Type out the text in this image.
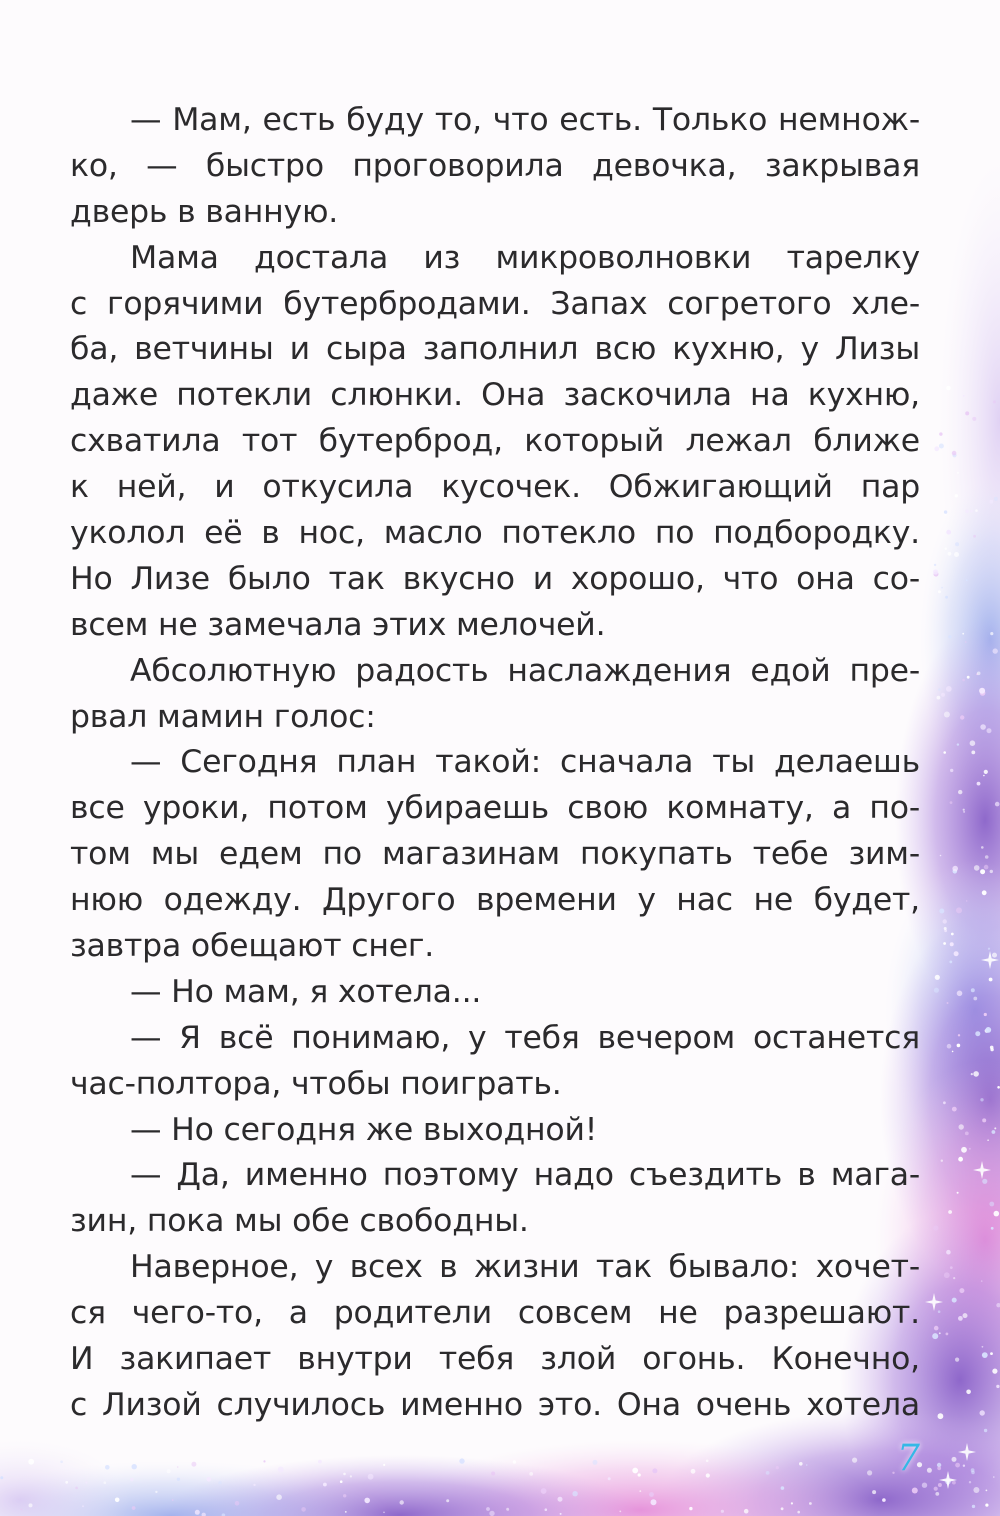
— Мам, есть буду то, что есть. Только немнож-
ко, — быстро проговорила девочка, закрывая
дверь в ванную.
Мама достала из микроволновки тарелку
с горячими бутербродами. Запах согретого хле-
ба, ветчины и сыра заполнил всю кухню, у Лизы
даже потекли слюнки. Она заскочила на кухню,
схватила тот бутерброд, который лежал ближе
к ней, и откусила кусочек. Обжигающий пар
уколол её в нос, масло потекло по подбородку.
Но Лизе было так вкусно и хорошо, что она со-
всем не замечала этих мелочей.
Абсолютную радость наслаждения едой пре-
рвал мамин голос:
— Сегодня план такой: сначала ты делаешь
все уроки, потом убираешь свою комнату, а по-
том мы едем по магазинам покупать тебе зим-
нюю одежду. Другого времени у нас не будет,
завтра обещают снег.
— Но мам, я хотела...
— Я всё понимаю, у тебя вечером останется
час-полтора, чтобы поиграть.
— Но сегодня же выходной!
— Да, именно поэтому надо съездить в мага-
зин, пока мы обе свободны.
Наверное, у всех в жизни так бывало: хочет-
ся чего-то, а родители совсем не разрешают.
И закипает внутри тебя злой огонь. Конечно,
с Лизой случилось именно это. Она очень хотела
7
